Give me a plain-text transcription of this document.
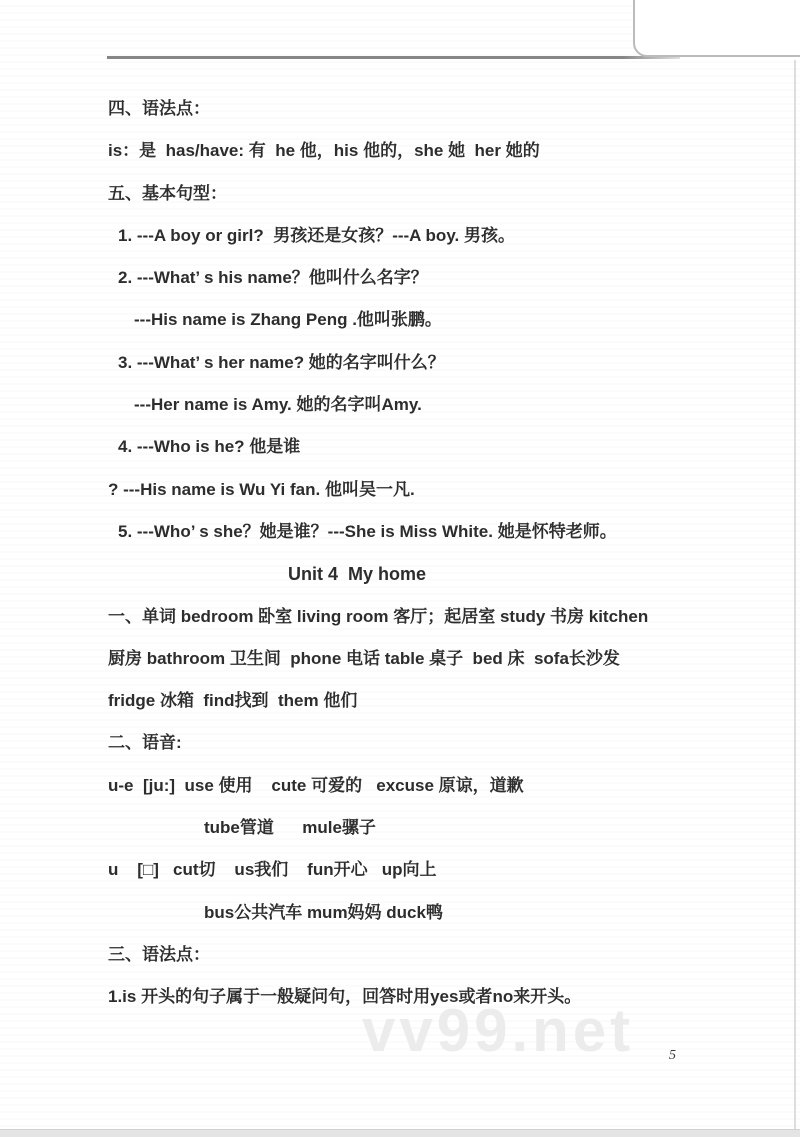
vv99.net
四、语法点：
is：是  has/have: 有  he 他，his 他的，she 她  her 她的
五、基本句型：
1. ---A boy or girl?  男孩还是女孩？---A boy. 男孩。
2. ---What’ s his name？他叫什么名字？
---His name is Zhang Peng .他叫张鹏。
3. ---What’ s her name? 她的名字叫什么？
---Her name is Amy. 她的名字叫Amy.
4. ---Who is he? 他是谁
? ---His name is Wu Yi fan. 他叫吴一凡.
5. ---Who’ s she？她是谁？---She is Miss White. 她是怀特老师。
Unit 4  My home
一、单词 bedroom 卧室 living room 客厅；起居室 study 书房 kitchen
厨房 bathroom 卫生间  phone 电话 table 桌子  bed 床  sofa长沙发
fridge 冰箱  find找到  them 他们
二、语音:
u-e  [ju:]  use 使用    cute 可爱的   excuse 原谅，道歉
tube管道      mule骡子
u    [□]   cut切    us我们    fun开心   up向上
bus公共汽车 mum妈妈 duck鸭
三、语法点：
1.is 开头的句子属于一般疑问句，回答时用yes或者no来开头。
5
